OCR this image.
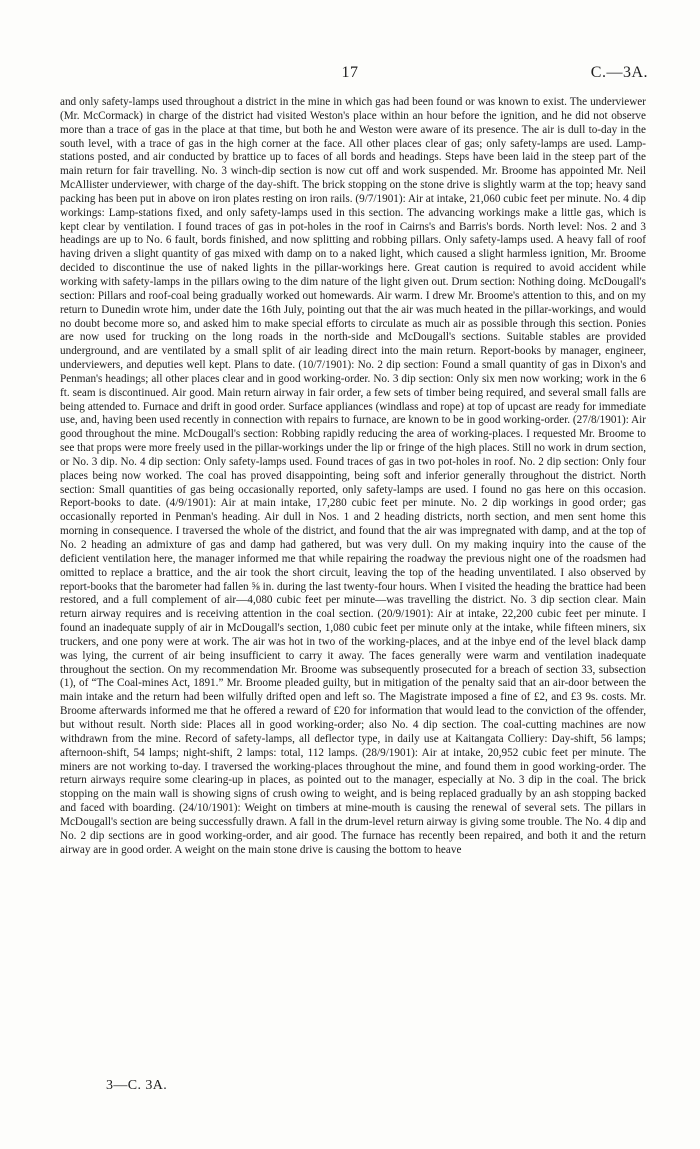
17	C.—3A.

and only safety-lamps used throughout a district in the mine in which gas had been found or was known to exist. The underviewer (Mr. McCormack) in charge of the district had visited Weston's place within an hour before the ignition, and he did not observe more than a trace of gas in the place at that time, but both he and Weston were aware of its presence. The air is dull to-day in the south level, with a trace of gas in the high corner at the face. All other places clear of gas; only safety-lamps are used. Lamp-stations posted, and air conducted by brattice up to faces of all bords and headings. Steps have been laid in the steep part of the main return for fair travelling. No. 3 winch-dip section is now cut off and work suspended. Mr. Broome has appointed Mr. Neil McAllister underviewer, with charge of the day-shift. The brick stopping on the stone drive is slightly warm at the top; heavy sand packing has been put in above on iron plates resting on iron rails. (9/7/1901): Air at intake, 21,060 cubic feet per minute. No. 4 dip workings: Lamp-stations fixed, and only safety-lamps used in this section. The advancing workings make a little gas, which is kept clear by ventilation. I found traces of gas in pot-holes in the roof in Cairns's and Barris's bords. North level: Nos. 2 and 3 headings are up to No. 6 fault, bords finished, and now splitting and robbing pillars. Only safety-lamps used. A heavy fall of roof having driven a slight quantity of gas mixed with damp on to a naked light, which caused a slight harmless ignition, Mr. Broome decided to discontinue the use of naked lights in the pillar-workings here. Great caution is required to avoid accident while working with safety-lamps in the pillars owing to the dim nature of the light given out. Drum section: Nothing doing. McDougall's section: Pillars and roof-coal being gradually worked out homewards. Air warm. I drew Mr. Broome's attention to this, and on my return to Dunedin wrote him, under date the 16th July, pointing out that the air was much heated in the pillar-workings, and would no doubt become more so, and asked him to make special efforts to circulate as much air as possible through this section. Ponies are now used for trucking on the long roads in the north-side and McDougall's sections. Suitable stables are provided underground, and are ventilated by a small split of air leading direct into the main return. Report-books by manager, engineer, underviewers, and deputies well kept. Plans to date. (10/7/1901): No. 2 dip section: Found a small quantity of gas in Dixon's and Penman's headings; all other places clear and in good working-order. No. 3 dip section: Only six men now working; work in the 6 ft. seam is discontinued. Air good. Main return airway in fair order, a few sets of timber being required, and several small falls are being attended to. Furnace and drift in good order. Surface appliances (windlass and rope) at top of upcast are ready for immediate use, and, having been used recently in connection with repairs to furnace, are known to be in good working-order. (27/8/1901): Air good throughout the mine. McDougall's section: Robbing rapidly reducing the area of working-places. I requested Mr. Broome to see that props were more freely used in the pillar-workings under the lip or fringe of the high places. Still no work in drum section, or No. 3 dip. No. 4 dip section: Only safety-lamps used. Found traces of gas in two pot-holes in roof. No. 2 dip section: Only four places being now worked. The coal has proved disappointing, being soft and inferior generally throughout the district. North section: Small quantities of gas being occasionally reported, only safety-lamps are used. I found no gas here on this occasion. Report-books to date. (4/9/1901): Air at main intake, 17,280 cubic feet per minute. No. 2 dip workings in good order; gas occasionally reported in Penman's heading. Air dull in Nos. 1 and 2 heading districts, north section, and men sent home this morning in consequence. I traversed the whole of the district, and found that the air was impregnated with damp, and at the top of No. 2 heading an admixture of gas and damp had gathered, but was very dull. On my making inquiry into the cause of the deficient ventilation here, the manager informed me that while repairing the roadway the previous night one of the roadsmen had omitted to replace a brattice, and the air took the short circuit, leaving the top of the heading unventilated. I also observed by report-books that the barometer had fallen ⅝ in. during the last twenty-four hours. When I visited the heading the brattice had been restored, and a full complement of air—4,080 cubic feet per minute—was travelling the district. No. 3 dip section clear. Main return airway requires and is receiving attention in the coal section. (20/9/1901): Air at intake, 22,200 cubic feet per minute. I found an inadequate supply of air in McDougall's section, 1,080 cubic feet per minute only at the intake, while fifteen miners, six truckers, and one pony were at work. The air was hot in two of the working-places, and at the inbye end of the level black damp was lying, the current of air being insufficient to carry it away. The faces generally were warm and ventilation inadequate throughout the section. On my recommendation Mr. Broome was subsequently prosecuted for a breach of section 33, subsection (1), of “The Coal-mines Act, 1891.” Mr. Broome pleaded guilty, but in mitigation of the penalty said that an air-door between the main intake and the return had been wilfully drifted open and left so. The Magistrate imposed a fine of £2, and £3 9s. costs. Mr. Broome afterwards informed me that he offered a reward of £20 for information that would lead to the conviction of the offender, but without result. North side: Places all in good working-order; also No. 4 dip section. The coal-cutting machines are now withdrawn from the mine. Record of safety-lamps, all deflector type, in daily use at Kaitangata Colliery: Day-shift, 56 lamps; afternoon-shift, 54 lamps; night-shift, 2 lamps: total, 112 lamps. (28/9/1901): Air at intake, 20,952 cubic feet per minute. The miners are not working to-day. I traversed the working-places throughout the mine, and found them in good working-order. The return airways require some clearing-up in places, as pointed out to the manager, especially at No. 3 dip in the coal. The brick stopping on the main wall is showing signs of crush owing to weight, and is being replaced gradually by an ash stopping backed and faced with boarding. (24/10/1901): Weight on timbers at mine-mouth is causing the renewal of several sets. The pillars in McDougall's section are being successfully drawn. A fall in the drum-level return airway is giving some trouble. The No. 4 dip and No. 2 dip sections are in good working-order, and air good. The furnace has recently been repaired, and both it and the return airway are in good order. A weight on the main stone drive is causing the bottom to heave

3—C. 3A.
